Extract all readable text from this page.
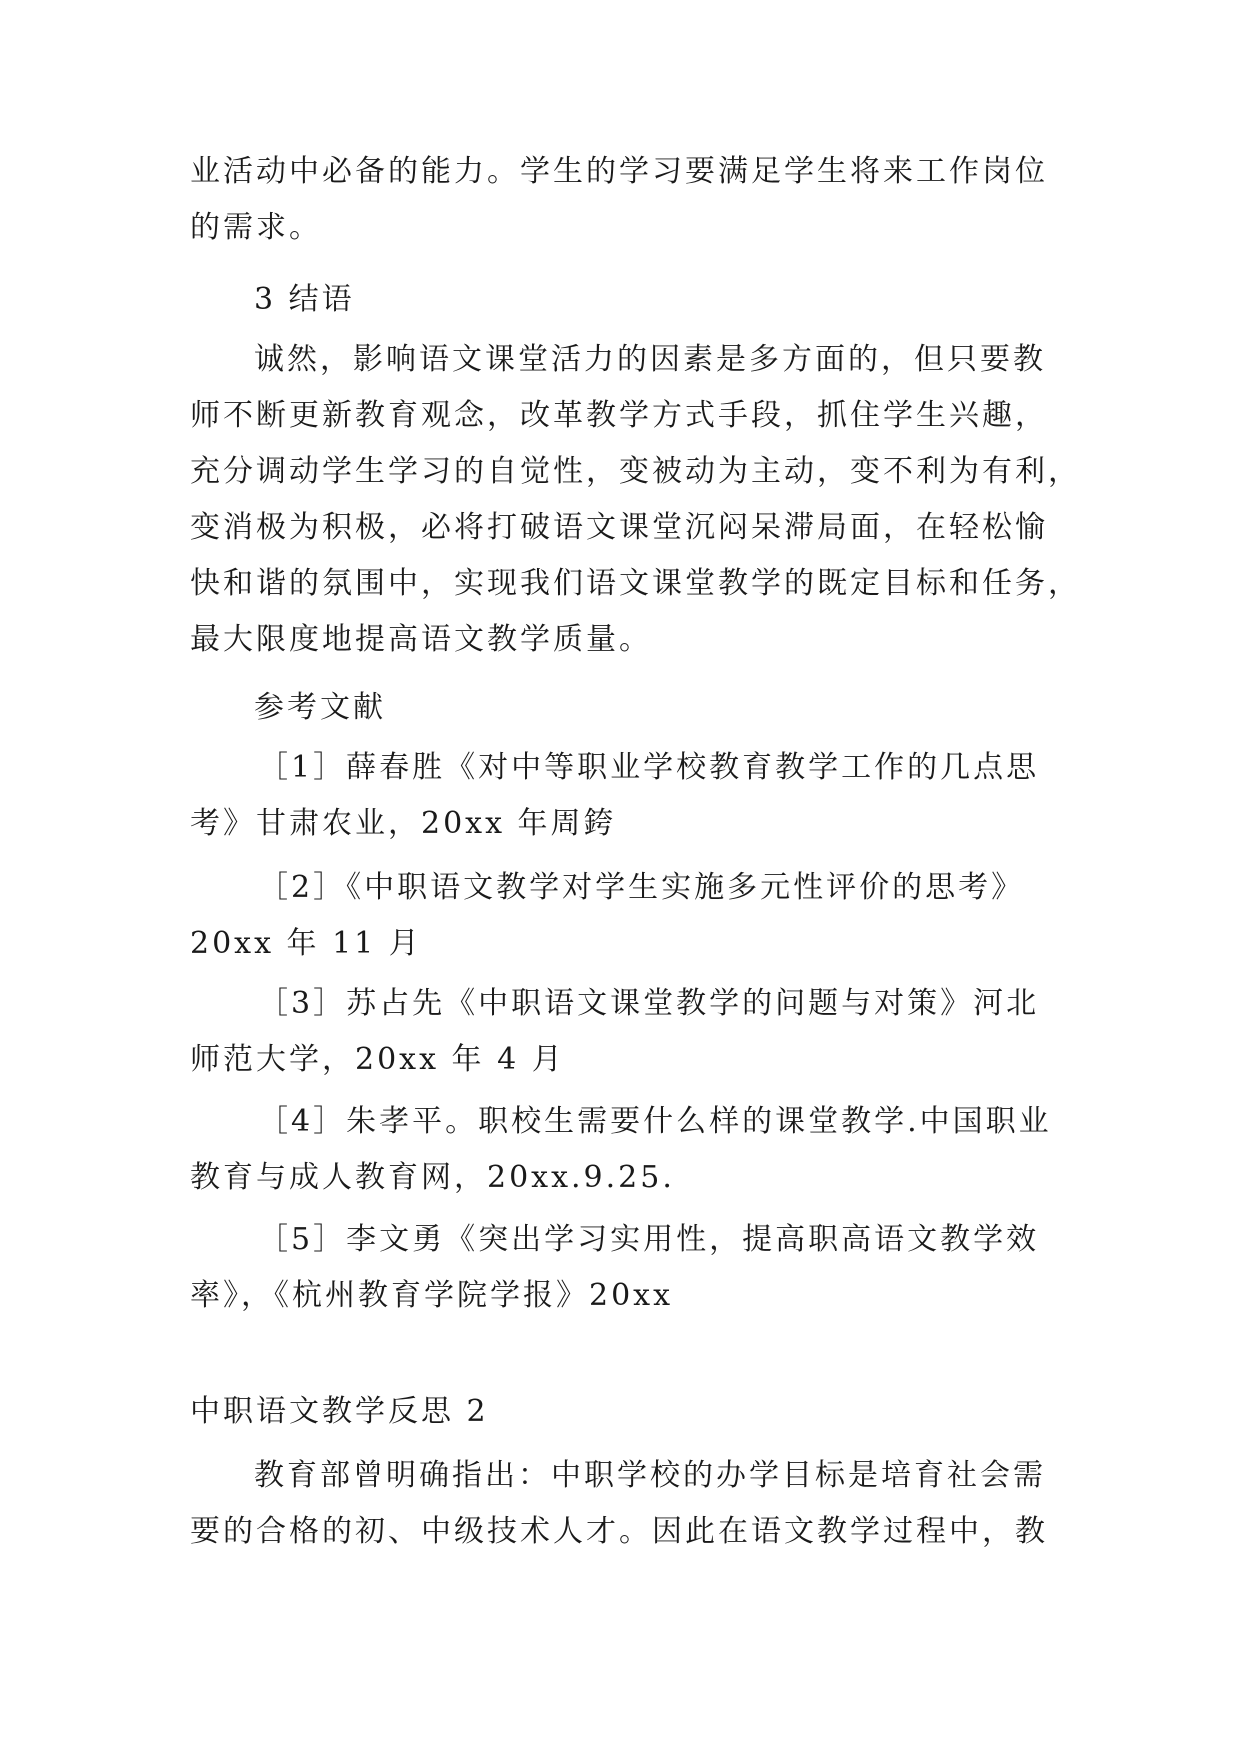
业活动中必备的能力。学生的学习要满足学生将来工作岗位
的需求。
3 结语
诚然，影响语文课堂活力的因素是多方面的，但只要教
师不断更新教育观念，改革教学方式手段，抓住学生兴趣，
充分调动学生学习的自觉性，变被动为主动，变不利为有利，
变消极为积极，必将打破语文课堂沉闷呆滞局面，在轻松愉
快和谐的氛围中，实现我们语文课堂教学的既定目标和任务，
最大限度地提高语文教学质量。
参考文献
［1］薛春胜《对中等职业学校教育教学工作的几点思
考》甘肃农业，20xx 年周銙
［2］《中职语文教学对学生实施多元性评价的思考》
20xx 年 11 月
［3］苏占先《中职语文课堂教学的问题与对策》河北
师范大学，20xx 年 4 月
［4］朱孝平。职校生需要什么样的课堂教学.中国职业
教育与成人教育网，20xx.9.25.
［5］李文勇《突出学习实用性，提高职高语文教学效
率》，《杭州教育学院学报》20xx
中职语文教学反思 2
教育部曾明确指出：中职学校的办学目标是培育社会需
要的合格的初、中级技术人才。因此在语文教学过程中，教
